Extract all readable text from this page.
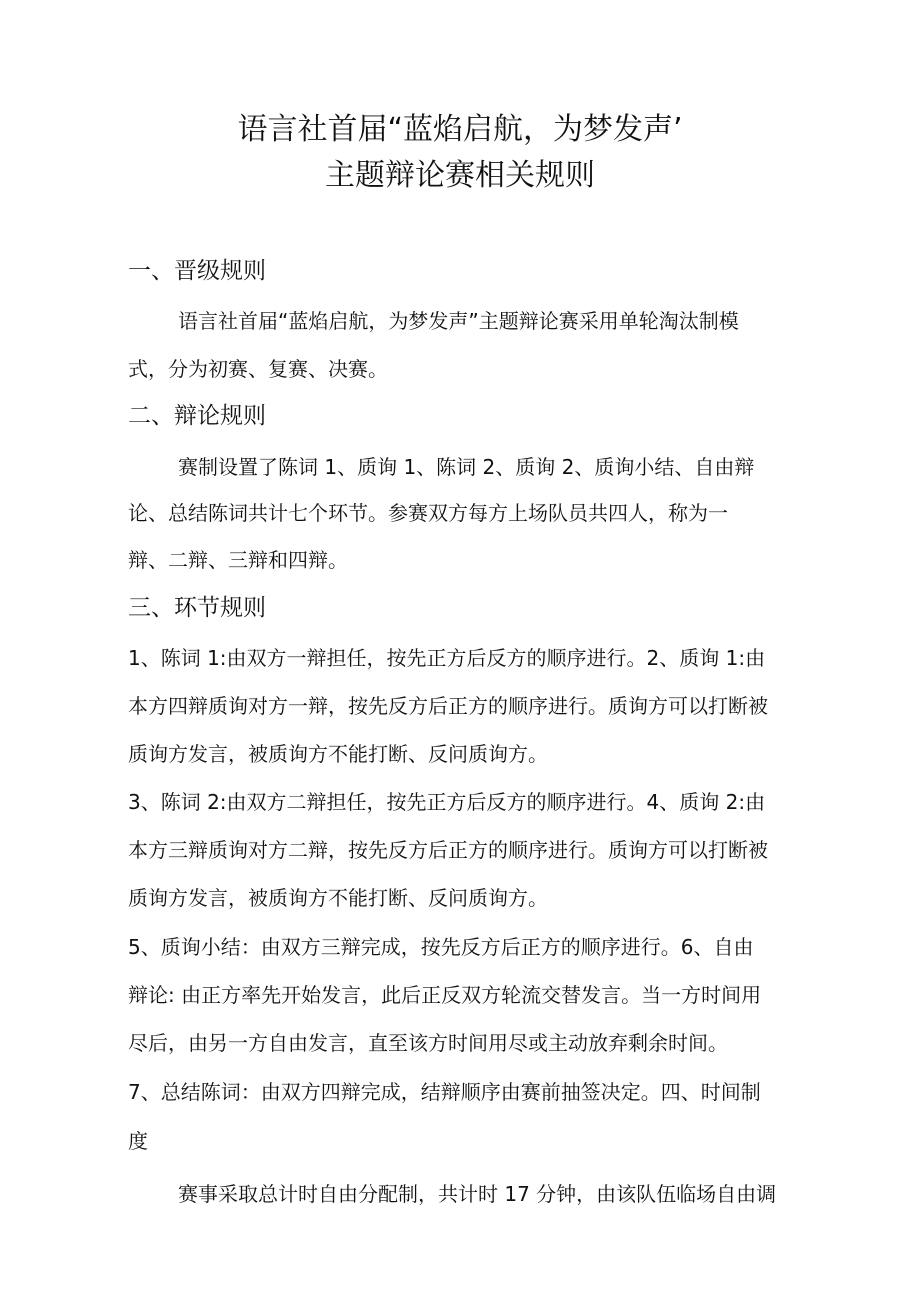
语言社首届“蓝焰启航，为梦发声’
主题辩论赛相关规则
一、晋级规则
语言社首届“蓝焰启航，为梦发声”主题辩论赛采用单轮淘汰制模
式，分为初赛、复赛、决赛。
二、辩论规则
赛制设置了陈词 1、质询 1、陈词 2、质询 2、质询小结、自由辩
论、总结陈词共计七个环节。参赛双方每方上场队员共四人，称为一
辩、二辩、三辩和四辩。
三、环节规则
1、陈词 1:由双方一辩担任，按先正方后反方的顺序进行。2、质询 1:由
本方四辩质询对方一辩，按先反方后正方的顺序进行。质询方可以打断被
质询方发言，被质询方不能打断、反问质询方。
3、陈词 2:由双方二辩担任，按先正方后反方的顺序进行。4、质询 2:由
本方三辩质询对方二辩，按先反方后正方的顺序进行。质询方可以打断被
质询方发言，被质询方不能打断、反问质询方。
5、质询小结：由双方三辩完成，按先反方后正方的顺序进行。6、自由
辩论: 由正方率先开始发言，此后正反双方轮流交替发言。当一方时间用
尽后，由另一方自由发言，直至该方时间用尽或主动放弃剩余时间。
7、总结陈词：由双方四辩完成，结辩顺序由赛前抽签决定。四、时间制
度
赛事采取总计时自由分配制，共计时 17 分钟，由该队伍临场自由调
